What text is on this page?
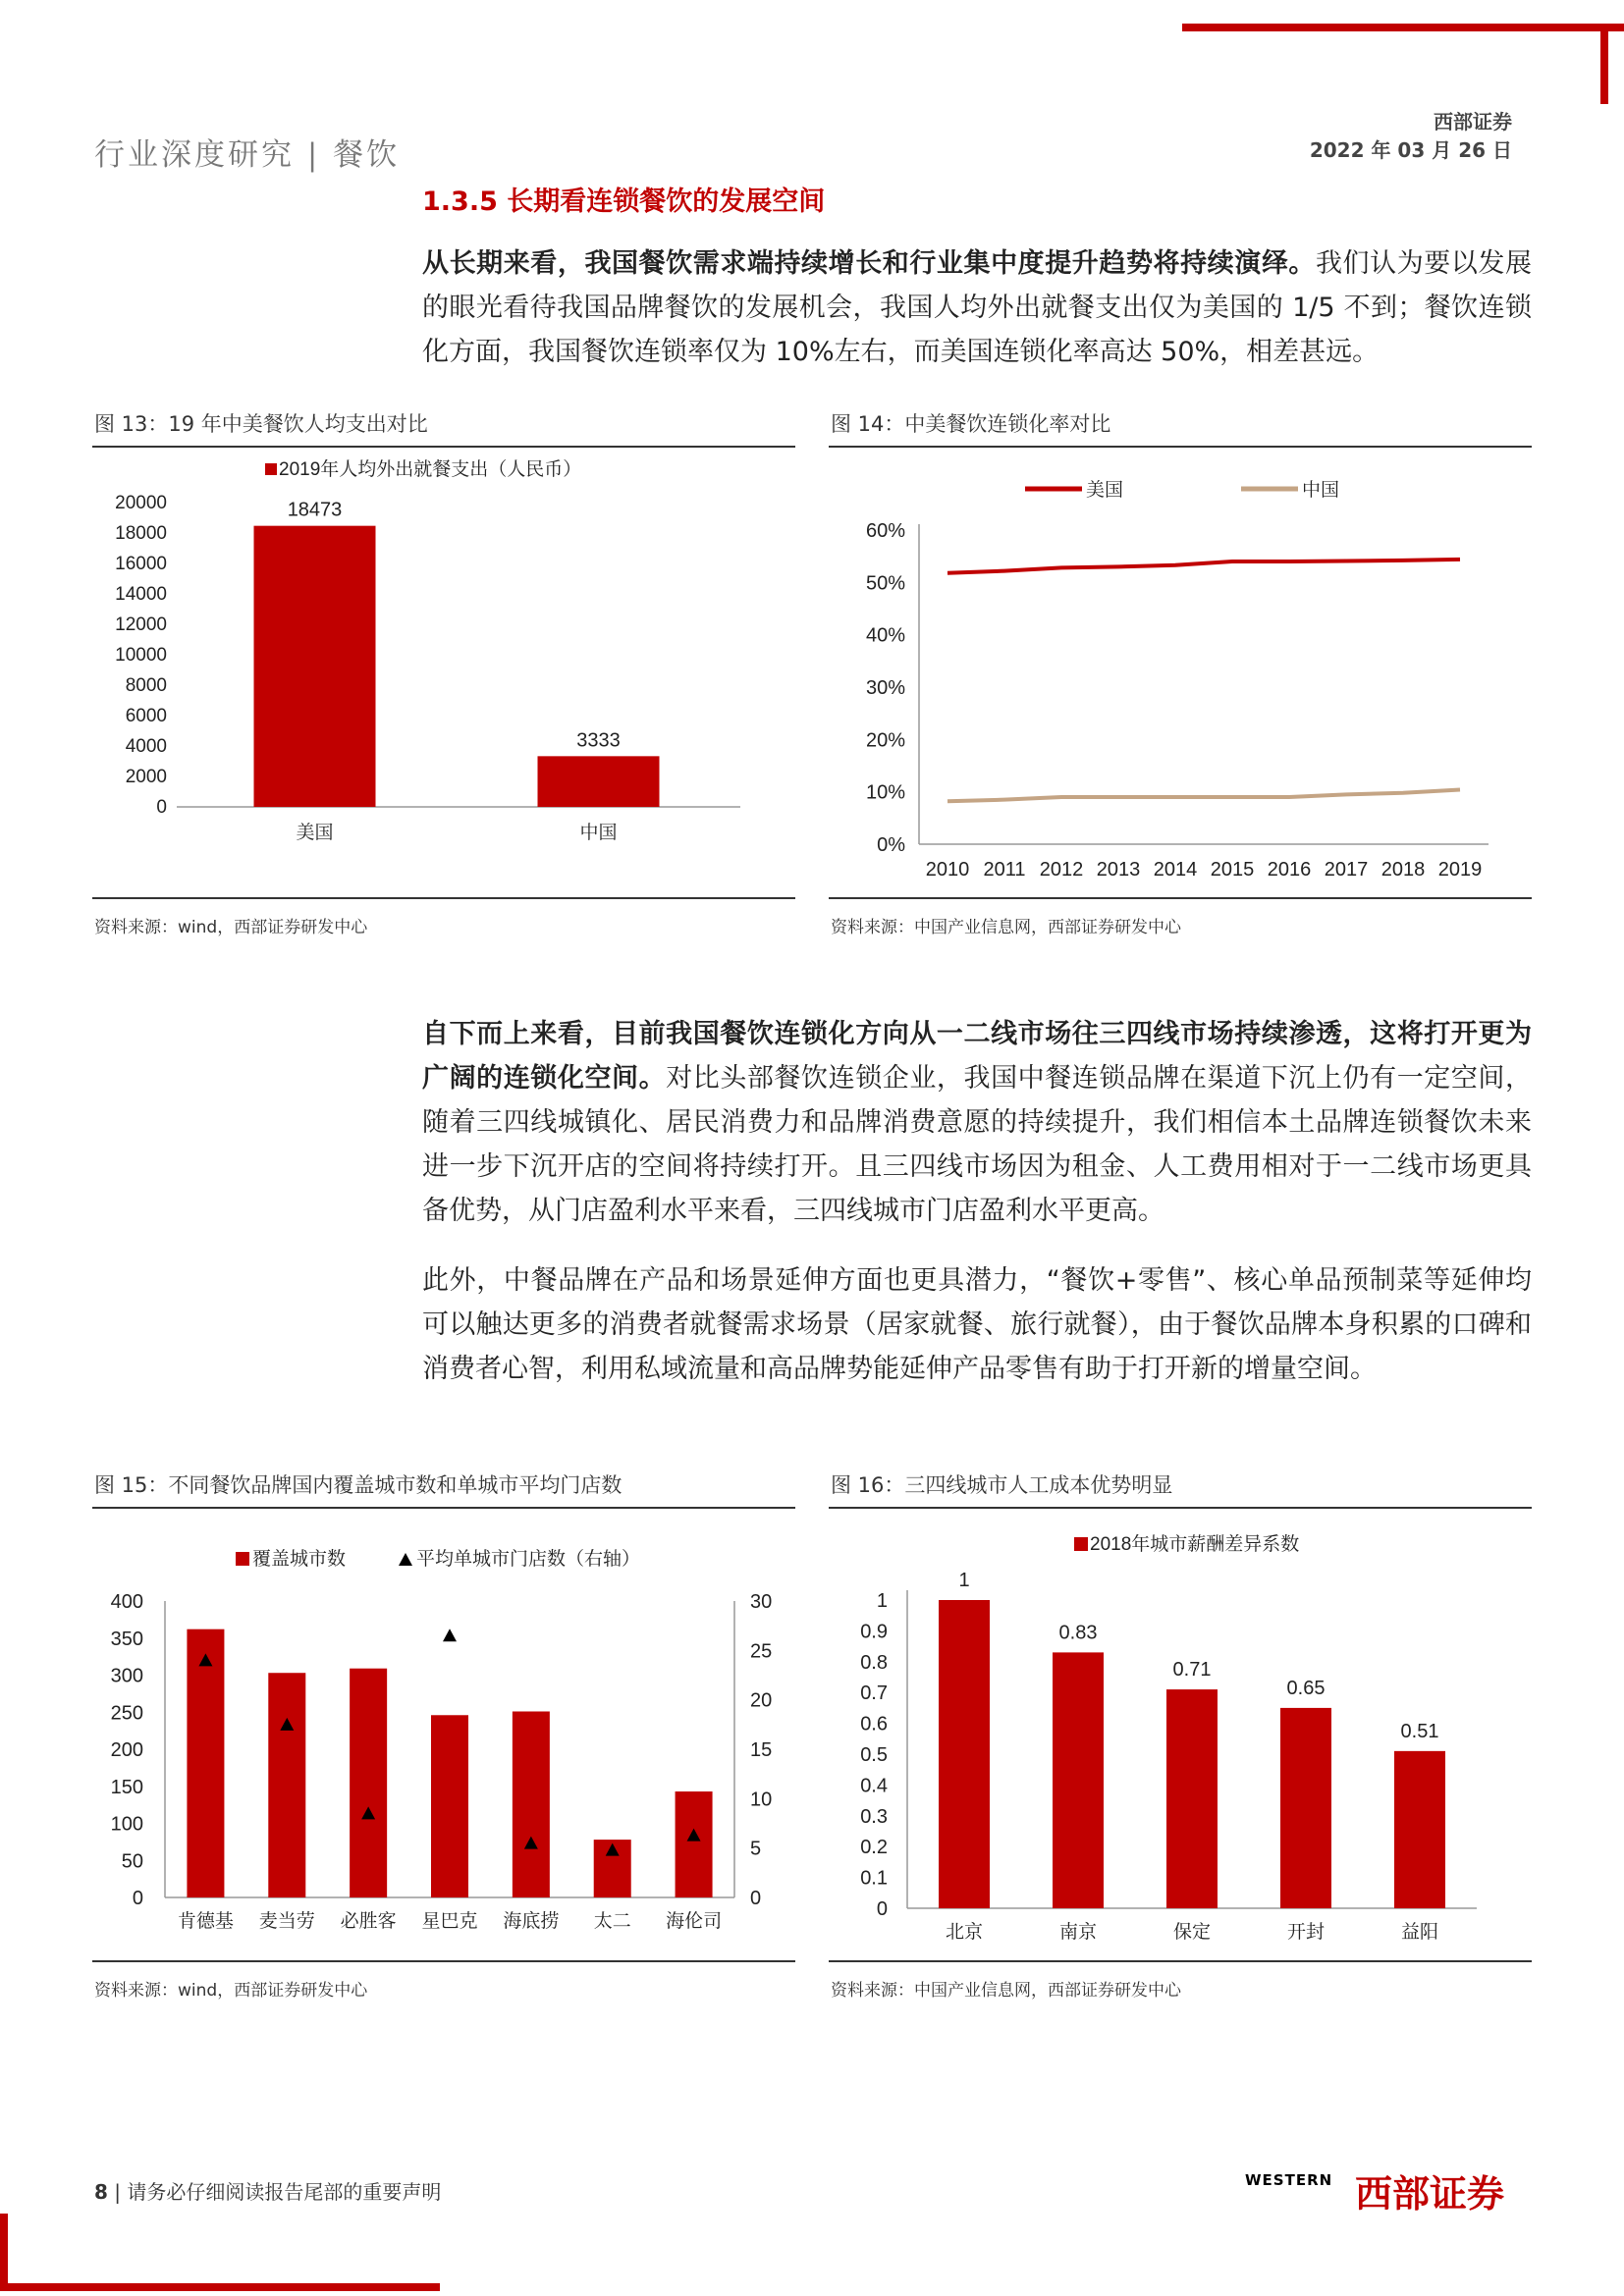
行业深度研究 | 餐饮
西部证券
2022 年 03 月 26 日
1.3.5 长期看连锁餐饮的发展空间
从长期来看，我国餐饮需求端持续增长和行业集中度提升趋势将持续演绎。我们认为要以发展的眼光看待我国品牌餐饮的发展机会，我国人均外出就餐支出仅为美国的 1/5 不到；餐饮连锁化方面，我国餐饮连锁率仅为 10%左右，而美国连锁化率高达 50%，相差甚远。
图 13：19 年中美餐饮人均支出对比
2019年人均外出就餐支出（人民币）
0
2000
4000
6000
8000
10000
12000
14000
16000
18000
20000	18473
美国
3333
中国
资料来源：wind，西部证券研发中心
图 14：中美餐饮连锁化率对比
美国	中国
0%
10%
20%
30%
40%
50%
60%
2010 2011 2012 2013 2014 2015 2016 2017 2018 2019
资料来源：中国产业信息网，西部证券研发中心
自下而上来看，目前我国餐饮连锁化方向从一二线市场往三四线市场持续渗透，这将打开更为广阔的连锁化空间。对比头部餐饮连锁企业，我国中餐连锁品牌在渠道下沉上仍有一定空间，随着三四线城镇化、居民消费力和品牌消费意愿的持续提升，我们相信本土品牌连锁餐饮未来进一步下沉开店的空间将持续打开。且三四线市场因为租金、人工费用相对于一二线市场更具备优势，从门店盈利水平来看，三四线城市门店盈利水平更高。
此外，中餐品牌在产品和场景延伸方面也更具潜力，“餐饮+零售”、核心单品预制菜等延伸均可以触达更多的消费者就餐需求场景（居家就餐、旅行就餐），由于餐饮品牌本身积累的口碑和消费者心智，利用私域流量和高品牌势能延伸产品零售有助于打开新的增量空间。
图 15：不同餐饮品牌国内覆盖城市数和单城市平均门店数
覆盖城市数	平均单城市门店数（右轴）
0
50
100
150
200
250
300
350
400
0
5
10
15
20
25
30
肯德基 麦当劳 必胜客 星巴克 海底捞 太二 海伦司
资料来源：wind，西部证券研发中心
图 16：三四线城市人工成本优势明显
2018年城市薪酬差异系数
0
0.1
0.2
0.3
0.4
0.5
0.6
0.7
0.8
0.9
1
1
北京
0.83
南京
0.71
保定
0.65
开封
0.51
益阳
资料来源：中国产业信息网，西部证券研发中心
8 | 请务必仔细阅读报告尾部的重要声明	WESTERN 西部证券
